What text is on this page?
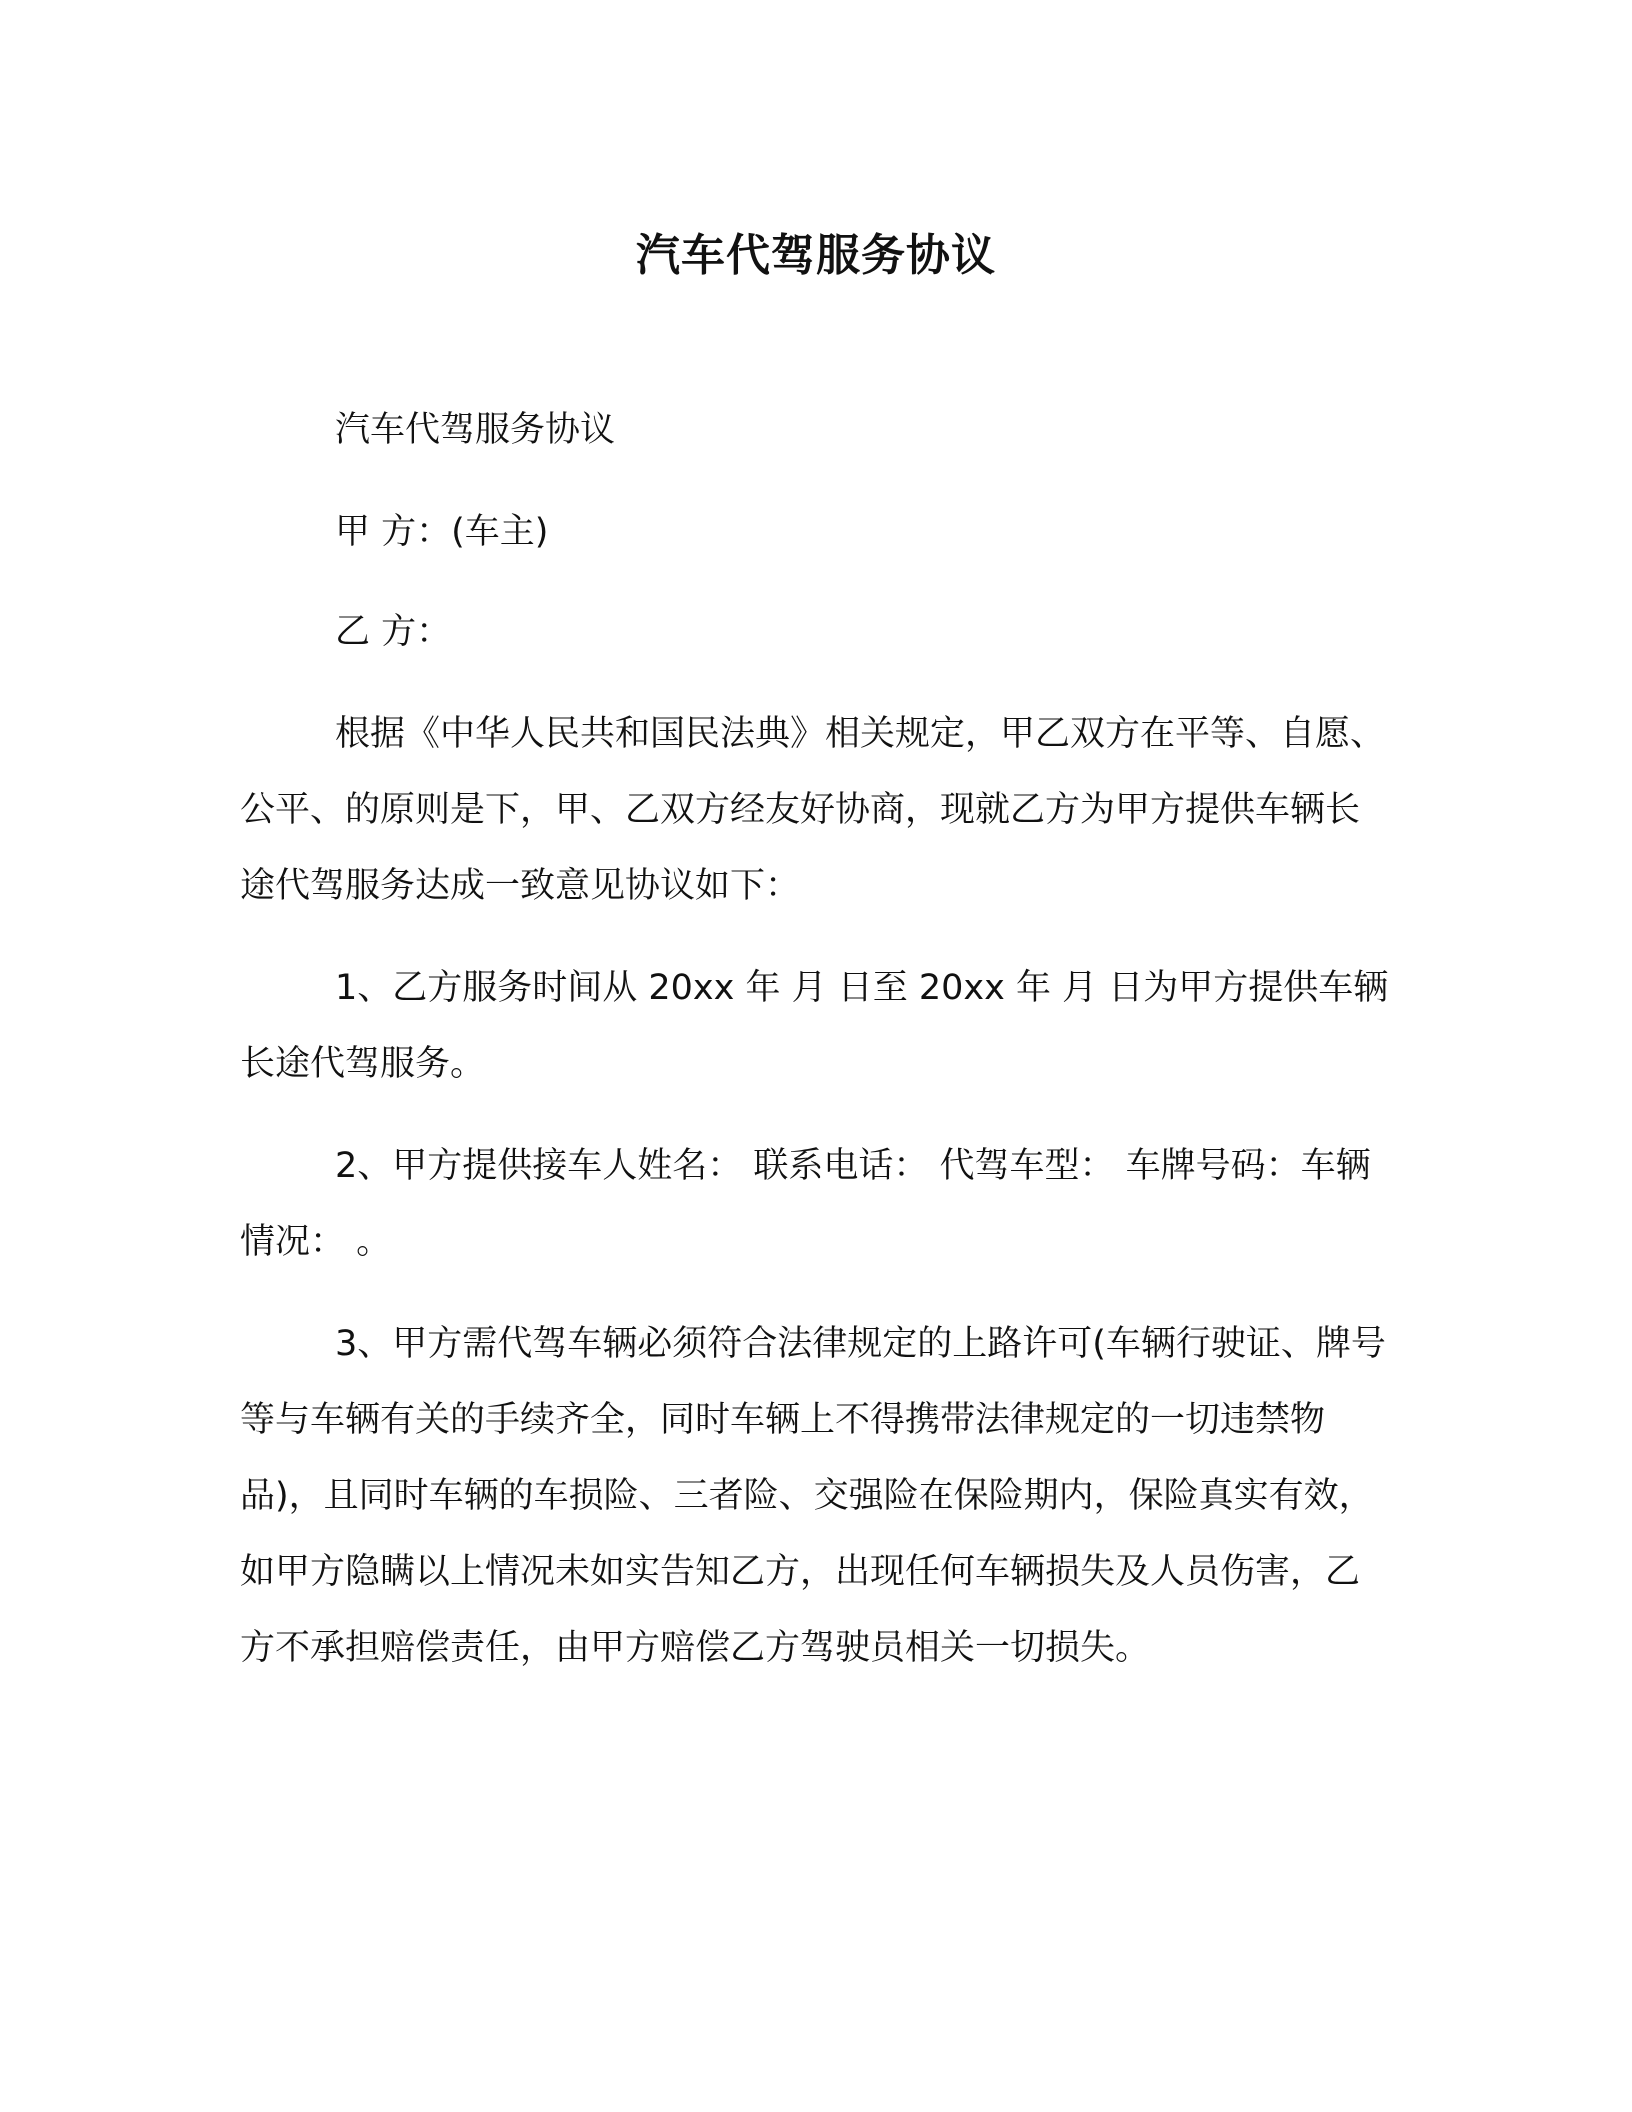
汽车代驾服务协议

汽车代驾服务协议

甲 方：(车主)

乙 方：

根据《中华人民共和国民法典》相关规定，甲乙双方在平等、自愿、公平、的原则是下，甲、乙双方经友好协商，现就乙方为甲方提供车辆长途代驾服务达成一致意见协议如下：

1、乙方服务时间从 20xx 年 月 日至 20xx 年 月 日为甲方提供车辆长途代驾服务。

2、甲方提供接车人姓名： 联系电话： 代驾车型： 车牌号码：车辆情况： 。

3、甲方需代驾车辆必须符合法律规定的上路许可(车辆行驶证、牌号等与车辆有关的手续齐全，同时车辆上不得携带法律规定的一切违禁物品)，且同时车辆的车损险、三者险、交强险在保险期内，保险真实有效，如甲方隐瞒以上情况未如实告知乙方，出现任何车辆损失及人员伤害，乙方不承担赔偿责任，由甲方赔偿乙方驾驶员相关一切损失。
